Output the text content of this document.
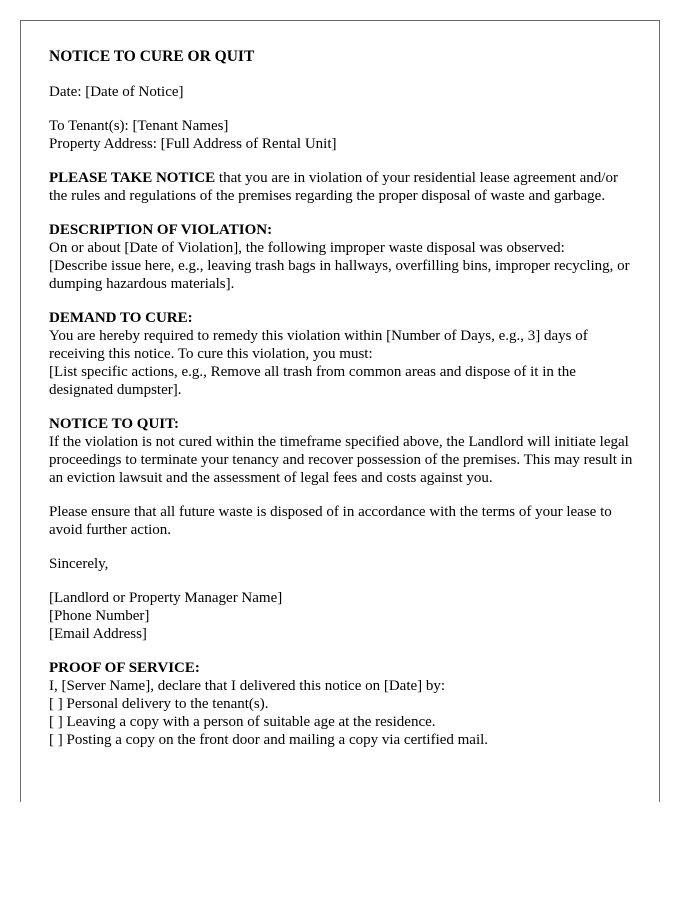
NOTICE TO CURE OR QUIT

Date: [Date of Notice]

To Tenant(s): [Tenant Names]
Property Address: [Full Address of Rental Unit]

PLEASE TAKE NOTICE that you are in violation of your residential lease agreement and/or the rules and regulations of the premises regarding the proper disposal of waste and garbage.

DESCRIPTION OF VIOLATION:
On or about [Date of Violation], the following improper waste disposal was observed:
[Describe issue here, e.g., leaving trash bags in hallways, overfilling bins, improper recycling, or dumping hazardous materials].

DEMAND TO CURE:
You are hereby required to remedy this violation within [Number of Days, e.g., 3] days of receiving this notice. To cure this violation, you must:
[List specific actions, e.g., Remove all trash from common areas and dispose of it in the designated dumpster].

NOTICE TO QUIT:
If the violation is not cured within the timeframe specified above, the Landlord will initiate legal proceedings to terminate your tenancy and recover possession of the premises. This may result in an eviction lawsuit and the assessment of legal fees and costs against you.

Please ensure that all future waste is disposed of in accordance with the terms of your lease to avoid further action.

Sincerely,

[Landlord or Property Manager Name]
[Phone Number]
[Email Address]

PROOF OF SERVICE:
I, [Server Name], declare that I delivered this notice on [Date] by:
[ ] Personal delivery to the tenant(s).
[ ] Leaving a copy with a person of suitable age at the residence.
[ ] Posting a copy on the front door and mailing a copy via certified mail.
